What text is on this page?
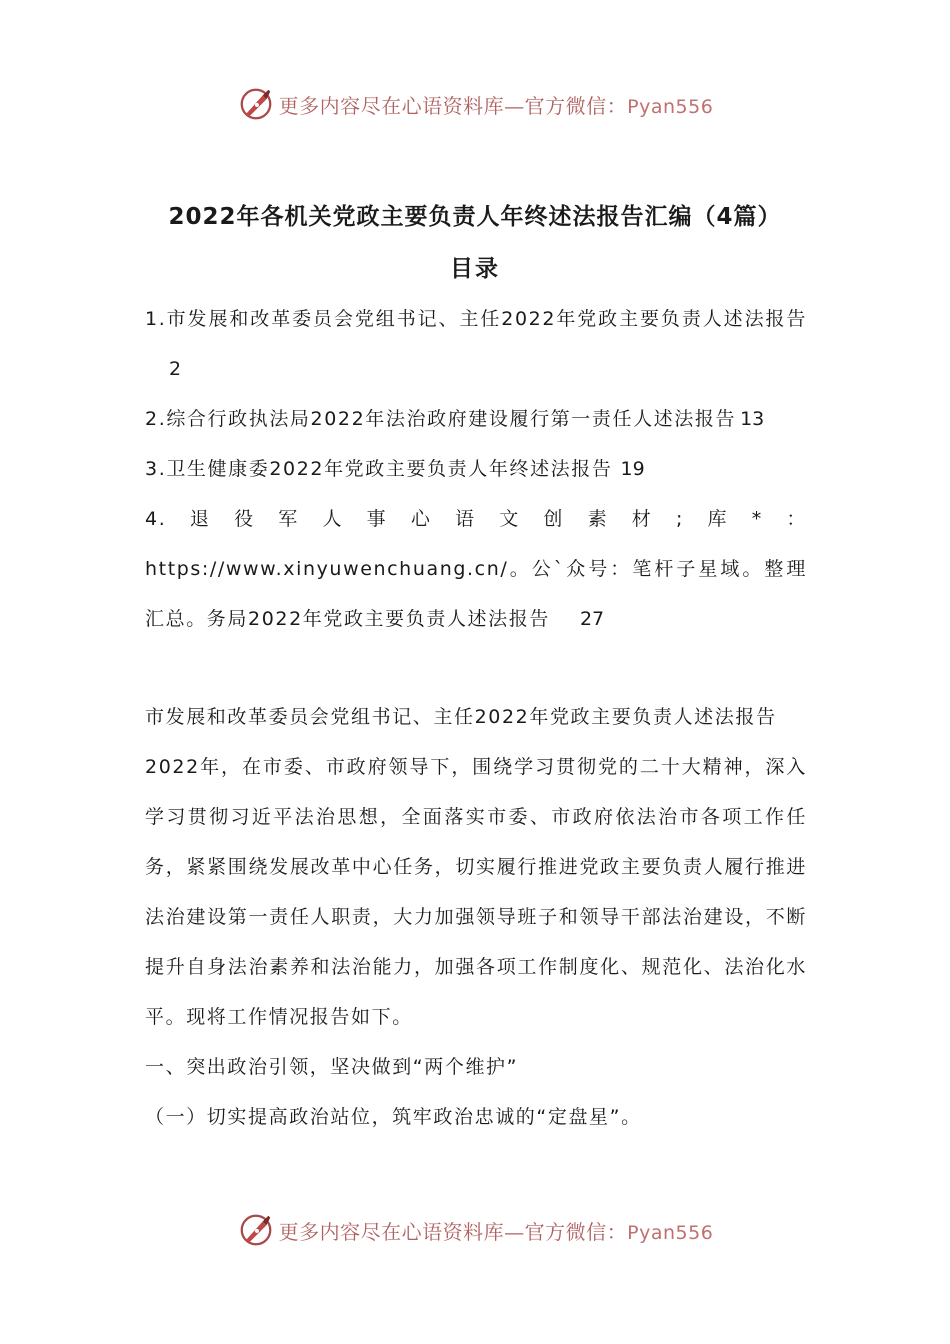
更多内容尽在心语资料库—官方微信：Pyan556
2022年各机关党政主要负责人年终述法报告汇编（4篇）
目录
1.市发展和改革委员会党组书记、主任2022年党政主要负责人述法报告2
2.综合行政执法局2022年法治政府建设履行第一责任人述法报告 13
3.卫生健康委2022年党政主要负责人年终述法报告 19
4.退役军人事心语文创素材;库*：https://www.xinyuwenchuang.cn/。公`众号：笔杆子星域。整理汇总。务局2022年党政主要负责人述法报告 27

市发展和改革委员会党组书记、主任2022年党政主要负责人述法报告

2022年，在市委、市政府领导下，围绕学习贯彻党的二十大精神，深入学习贯彻习近平法治思想，全面落实市委、市政府依法治市各项工作任务，紧紧围绕发展改革中心任务，切实履行推进党政主要负责人履行推进法治建设第一责任人职责，大力加强领导班子和领导干部法治建设，不断提升自身法治素养和法治能力，加强各项工作制度化、规范化、法治化水平。现将工作情况报告如下。

一、突出政治引领，坚决做到“两个维护”

（一）切实提高政治站位，筑牢政治忠诚的“定盘星”。

更多内容尽在心语资料库—官方微信：Pyan556
